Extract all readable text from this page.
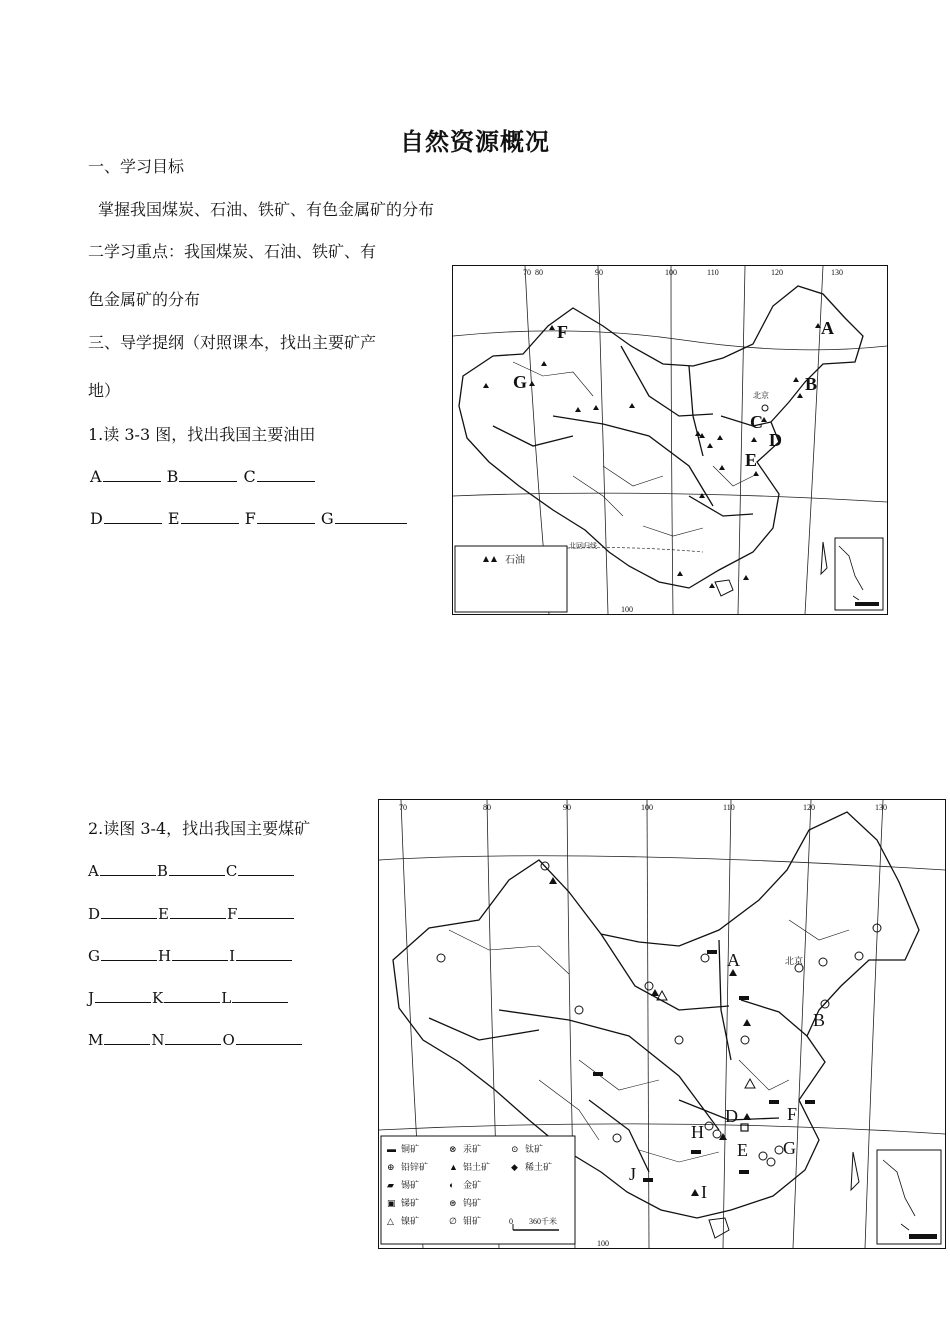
自然资源概况
一、学习目标
掌握我国煤炭、石油、铁矿、有色金属矿的分布
二学习重点：我国煤炭、石油、铁矿、有
色金属矿的分布
三、导学提纲（对照课本，找出主要矿产
地）
1.读 3-3 图，找出我国主要油田
A	B	C
D	E	F	G
70 80	90	100	110	120	130
100
A
B
C
D
E
F
G
北京
石油
北回归线
2.读图 3-4，找出我国主要煤矿
A	B	C
D	E	F
G	H	I
J	K	L
M	N	O
70	80	90	100	110	120	130
100
A
B
D
E
F
G
H
I
J
北京
▬ 铜矿	⊗ 汞矿	⊙ 钛矿
⊕ 铅锌矿 ▲ 铝土矿 ◆ 稀土矿
▰ 锡矿	◐ 金矿
▣ 锑矿	⊜ 钨矿
△ 镍矿	∅ 钼矿	0 360千米
